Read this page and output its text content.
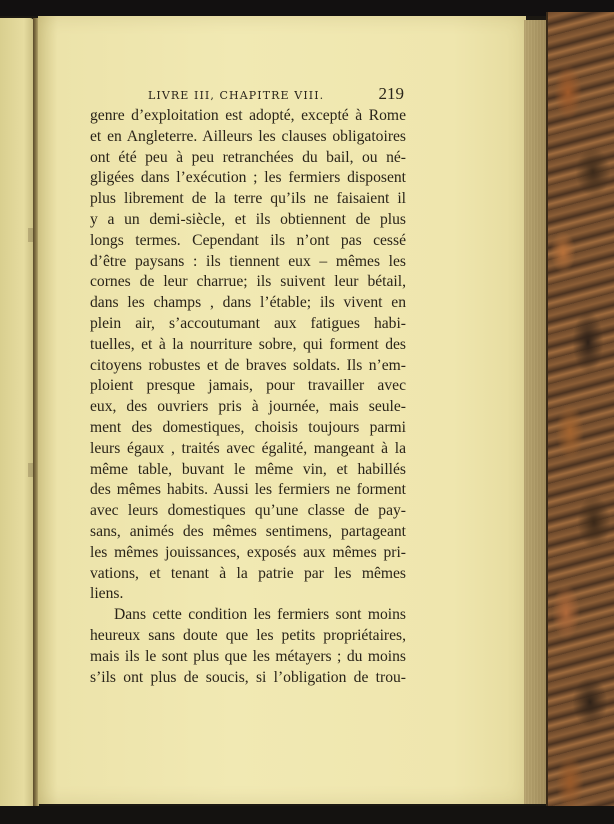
LIVRE III, CHAPITRE VIII.	219
genre d’exploitation est adopté, excepté à Rome
et en Angleterre. Ailleurs les clauses obligatoires
ont été peu à peu retranchées du bail, ou né-
gligées dans l’exécution ; les fermiers disposent
plus librement de la terre qu’ils ne faisaient il
y a un demi-siècle, et ils obtiennent de plus
longs termes. Cependant ils n’ont pas cessé
d’être paysans : ils tiennent eux – mêmes les
cornes de leur charrue; ils suivent leur bétail,
dans les champs , dans l’étable; ils vivent en
plein air, s’accoutumant aux fatigues habi-
tuelles, et à la nourriture sobre, qui forment des
citoyens robustes et de braves soldats. Ils n’em-
ploient presque jamais, pour travailler avec
eux, des ouvriers pris à journée, mais seule-
ment des domestiques, choisis toujours parmi
leurs égaux , traités avec égalité, mangeant à la
même table, buvant le même vin, et habillés
des mêmes habits. Aussi les fermiers ne forment
avec leurs domestiques qu’une classe de pay-
sans, animés des mêmes sentimens, partageant
les mêmes jouissances, exposés aux mêmes pri-
vations, et tenant à la patrie par les mêmes
liens.
Dans cette condition les fermiers sont moins
heureux sans doute que les petits propriétaires,
mais ils le sont plus que les métayers ; du moins
s’ils ont plus de soucis, si l’obligation de trou-
